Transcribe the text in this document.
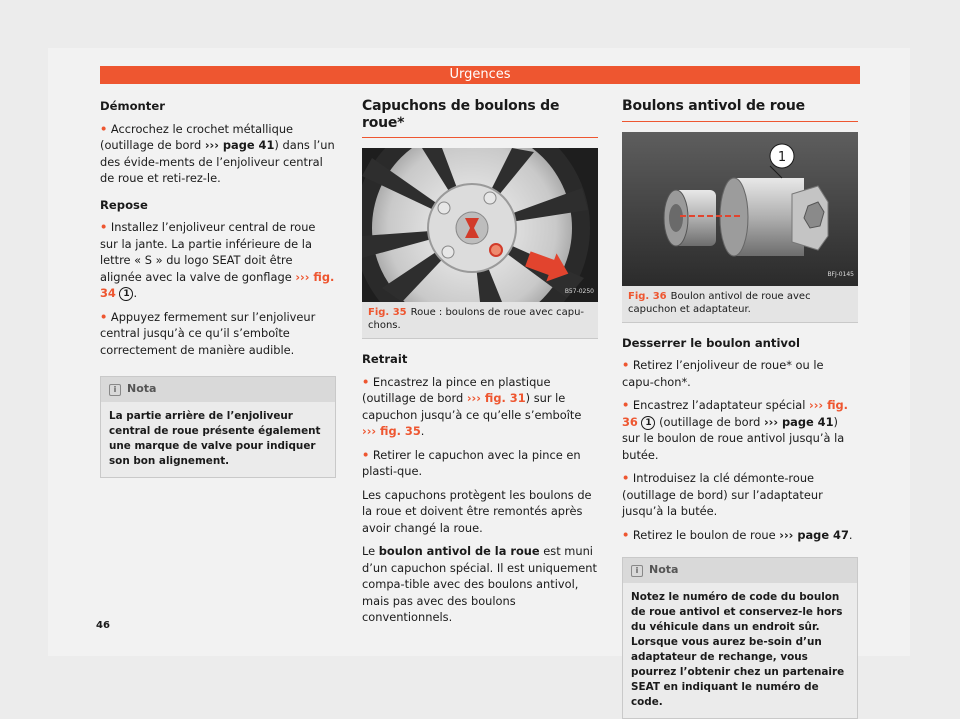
Urgences
Démonter

• Accrochez le crochet métallique (outillage de bord ››› page 41) dans l’un des évide-ments de l’enjoliveur central de roue et reti-rez-le.

Repose

• Installez l’enjoliveur central de roue sur la jante. La partie inférieure de la lettre « S » du logo SEAT doit être alignée avec la valve de gonflage ››› fig. 34 1 .

• Appuyez fermement sur l’enjoliveur central jusqu’à ce qu’il s’emboîte correctement de manière audible.

i Nota
La partie arrière de l’enjoliveur central de roue présente également une marque de valve pour indiquer son bon alignement.
Capuchons de boulons de roue*
B57-0250
Fig. 35 Roue : boulons de roue avec capu-chons.
Retrait

• Encastrez la pince en plastique (outillage de bord ››› fig. 31) sur le capuchon jusqu’à ce qu’elle s’emboîte ››› fig. 35.

• Retirer le capuchon avec la pince en plasti-que.

Les capuchons protègent les boulons de la roue et doivent être remontés après avoir changé la roue.

Le boulon antivol de la roue est muni d’un capuchon spécial. Il est uniquement compa-tible avec des boulons antivol, mais pas avec des boulons conventionnels.

Boulons antivol de roue
1
BFJ-0145
Fig. 36 Boulon antivol de roue avec capuchon et adaptateur.
Desserrer le boulon antivol

• Retirez l’enjoliveur de roue* ou le capu-chon*.

• Encastrez l’adaptateur spécial ››› fig. 36 1 (outillage de bord ››› page 41) sur le boulon de roue antivol jusqu’à la butée.

• Introduisez la clé démonte-roue (outillage de bord) sur l’adaptateur jusqu’à la butée.

• Retirez le boulon de roue ››› page 47.

i Nota
Notez le numéro de code du boulon de roue antivol et conservez-le hors du véhicule dans un endroit sûr. Lorsque vous aurez be-soin d’un adaptateur de rechange, vous pourrez l’obtenir chez un partenaire SEAT en indiquant le numéro de code.
46
